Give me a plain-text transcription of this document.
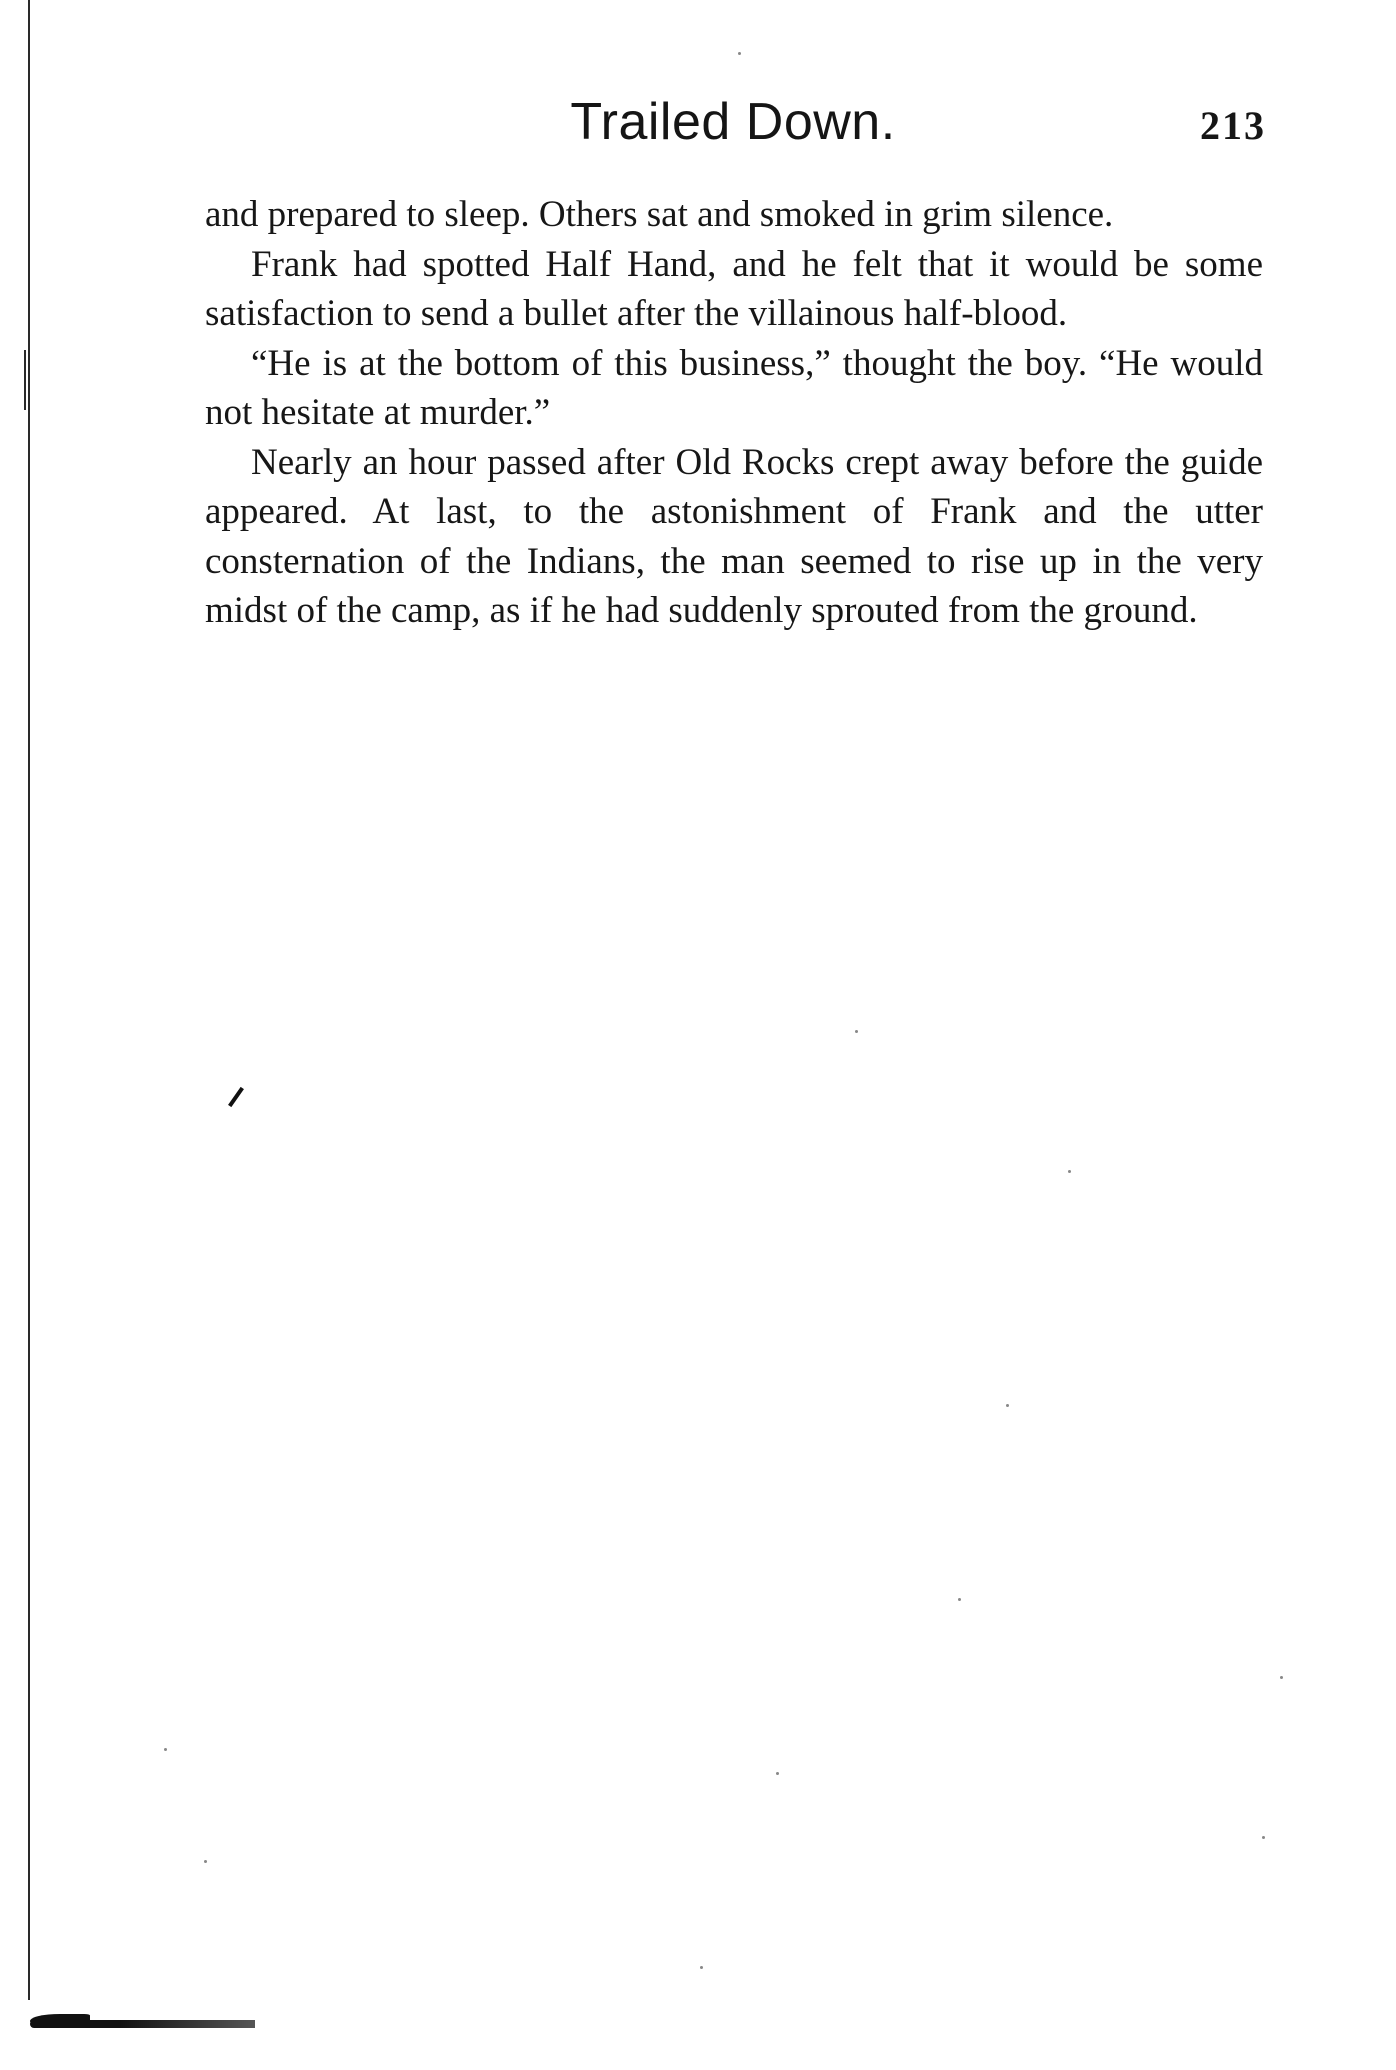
Trailed Down.	213

and prepared to sleep. Others sat and smoked in grim silence.

Frank had spotted Half Hand, and he felt that it would be some satisfaction to send a bullet after the villainous half-blood.

“He is at the bottom of this business,” thought the boy. “He would not hesitate at murder.”

Nearly an hour passed after Old Rocks crept away before the guide appeared. At last, to the astonishment of Frank and the utter consternation of the Indians, the man seemed to rise up in the very midst of the camp, as if he had suddenly sprouted from the ground.
